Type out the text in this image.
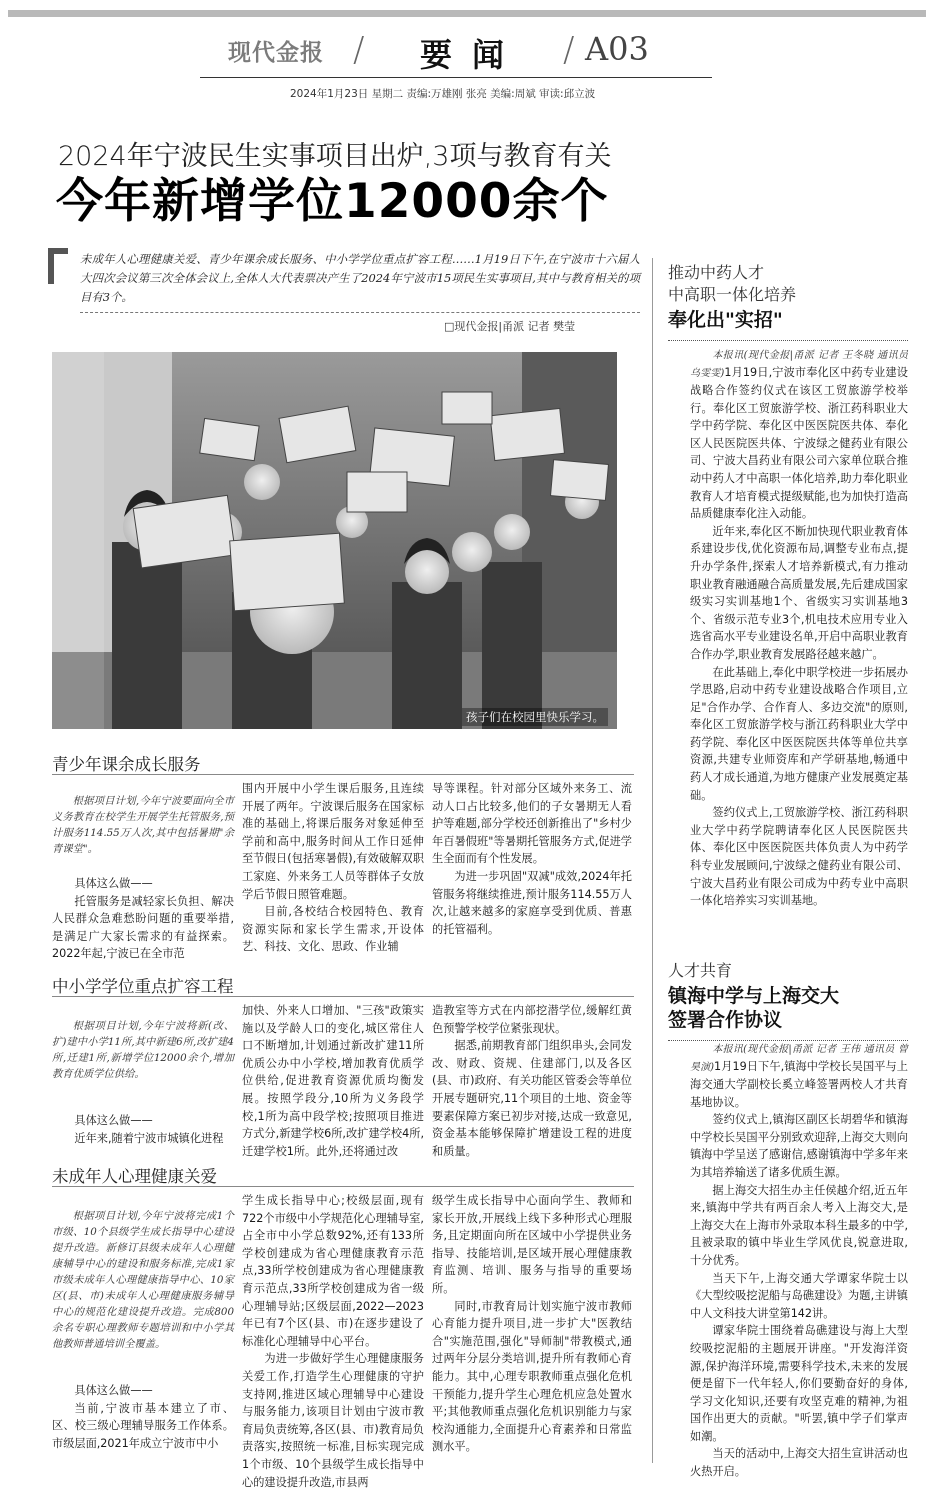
现代金报 / 要闻 / A03
2024年1月23日 星期二 责编:万雄刚 张亮 美编:周斌 审读:邱立波
2024年宁波民生实事项目出炉,3项与教育有关
今年新增学位12000余个
未成年人心理健康关爱、青少年课余成长服务、中小学学位重点扩容工程……1月19日下午,在宁波市十六届人大四次会议第三次全体会议上,全体人大代表票决产生了2024年宁波市15项民生实事项目,其中与教育相关的项目有3个。
□现代金报|甬派 记者 樊莹
孩子们在校园里快乐学习。
青少年课余成长服务

根据项目计划,今年宁波要面向全市义务教育在校学生开展学生托管服务,预计服务114.55万人次,其中包括暑期"余青课堂"。

具体这么做——

托管服务是减轻家长负担、解决人民群众急难愁盼问题的重要举措,是满足广大家长需求的有益探索。2022年起,宁波已在全市范

围内开展中小学生课后服务,且连续开展了两年。宁波课后服务在国家标准的基础上,将课后服务对象延伸至学前和高中,服务时间从工作日延伸至节假日(包括寒暑假),有效破解双职工家庭、外来务工人员等群体子女放学后节假日照管难题。

目前,各校结合校园特色、教育资源实际和家长学生需求,开设体艺、科技、文化、思政、作业辅

导等课程。针对部分区域外来务工、流动人口占比较多,他们的子女暑期无人看护等难题,部分学校还创新推出了"乡村少年百暑假班"等暑期托管服务方式,促进学生全面而有个性发展。

为进一步巩固"双减"成效,2024年托管服务将继续推进,预计服务114.55万人次,让越来越多的家庭享受到优质、普惠的托管福利。

中小学学位重点扩容工程

根据项目计划,今年宁波将新(改、扩)建中小学11所,其中新建6所,改扩建4所,迁建1所,新增学位12000余个,增加教育优质学位供给。

具体这么做——

近年来,随着宁波市城镇化进程

加快、外来人口增加、"三孩"政策实施以及学龄人口的变化,城区常住人口不断增加,计划通过新改扩建11所优质公办中小学校,增加教育优质学位供给,促进教育资源优质均衡发展。按照学段分,10所为义务段学校,1所为高中段学校;按照项目推进方式分,新建学校6所,改扩建学校4所,迁建学校1所。此外,还将通过改

造教室等方式在内部挖潜学位,缓解红黄色预警学校学位紧张现状。

据悉,前期教育部门组织串头,会同发改、财政、资规、住建部门,以及各区(县、市)政府、有关功能区管委会等单位开展专题研究,11个项目的土地、资金等要素保障方案已初步对接,达成一致意见,资金基本能够保障扩增建设工程的进度和质量。

未成年人心理健康关爱

根据项目计划,今年宁波将完成1个市级、10个县级学生成长指导中心建设提升改造。新修订县级未成年人心理健康辅导中心的建设和服务标准,完成1家市级未成年人心理健康指导中心、10家区(县、市)未成年人心理健康服务辅导中心的规范化建设提升改造。完成800余名专职心理教师专题培训和中小学其他教师普通培训全覆盖。

具体这么做——

当前,宁波市基本建立了市、区、校三级心理辅导服务工作体系。市级层面,2021年成立宁波市中小

学生成长指导中心;校级层面,现有722个市级中小学规范化心理辅导室,占全市中小学总数92%,还有133所学校创建成为省心理健康教育示范点,33所学校创建成为省心理健康教育示范点,33所学校创建成为省一级心理辅导站;区级层面,2022—2023年已有7个区(县、市)在逐步建设了标准化心理辅导中心平台。

为进一步做好学生心理健康服务关爱工作,打造学生心理健康的守护支持网,推进区域心理辅导中心建设与服务能力,该项目计划由宁波市教育局负责统筹,各区(县、市)教育局负责落实,按照统一标准,目标实现完成1个市级、10个县级学生成长指导中心的建设提升改造,市县两

级学生成长指导中心面向学生、教师和家长开放,开展线上线下多种形式心理服务,且定期面向所在区域中小学提供业务指导、技能培训,是区域开展心理健康教育监测、培训、服务与指导的重要场所。

同时,市教育局计划实施宁波市教师心育能力提升项目,进一步扩大"医教结合"实施范围,强化"导师制"带教模式,通过两年分层分类培训,提升所有教师心育能力。其中,心理专职教师重点强化危机干预能力,提升学生心理危机应急处置水平;其他教师重点强化危机识别能力与家校沟通能力,全面提升心育素养和日常监测水平。

推动中药人才
中高职一体化培养
奉化出"实招"

本报讯(现代金报|甬派 记者 王冬晓 通讯员 乌雯雯)1月19日,宁波市奉化区中药专业建设战略合作签约仪式在该区工贸旅游学校举行。奉化区工贸旅游学校、浙江药科职业大学中药学院、奉化区中医医院医共体、奉化区人民医院医共体、宁波绿之健药业有限公司、宁波大昌药业有限公司六家单位联合推动中药人才中高职一体化培养,助力奉化职业教育人才培育模式提级赋能,也为加快打造高品质健康奉化注入动能。

近年来,奉化区不断加快现代职业教育体系建设步伐,优化资源布局,调整专业布点,提升办学条件,探索人才培养新模式,有力推动职业教育融通融合高质量发展,先后建成国家级实习实训基地1个、省级实习实训基地3个、省级示范专业3个,机电技术应用专业入选省高水平专业建设名单,开启中高职业教育合作办学,职业教育发展路径越来越广。

在此基础上,奉化中职学校进一步拓展办学思路,启动中药专业建设战略合作项目,立足"合作办学、合作育人、多边交流"的原则,奉化区工贸旅游学校与浙江药科职业大学中药学院、奉化区中医医院医共体等单位共享资源,共建专业师资库和产学研基地,畅通中药人才成长通道,为地方健康产业发展奠定基础。

签约仪式上,工贸旅游学校、浙江药科职业大学中药学院聘请奉化区人民医院医共体、奉化区中医医院医共体负责人为中药学科专业发展顾问,宁波绿之健药业有限公司、宁波大昌药业有限公司成为中药专业中高职一体化培养实习实训基地。

人才共育
镇海中学与上海交大
签署合作协议

本报讯(现代金报|甬派 记者 王伟 通讯员 曾昊演)1月19日下午,镇海中学校长吴国平与上海交通大学副校长奚立峰签署两校人才共育基地协议。

签约仪式上,镇海区副区长胡碧华和镇海中学校长吴国平分别致欢迎辞,上海交大则向镇海中学呈送了感谢信,感谢镇海中学多年来为其培养输送了诸多优质生源。

据上海交大招生办主任侯越介绍,近五年来,镇海中学共有两百余人考入上海交大,是上海交大在上海市外录取本科生最多的中学,且被录取的镇中毕业生学风优良,锐意进取,十分优秀。

当天下午,上海交通大学谭家华院士以《大型绞吸挖泥船与岛礁建设》为题,主讲镇中人文科技大讲堂第142讲。

谭家华院士围绕着岛礁建设与海上大型绞吸挖泥船的主题展开讲座。"开发海洋资源,保护海洋环境,需要科学技术,未来的发展便是留下一代年轻人,你们要勤奋好的身体,学习文化知识,还要有攻坚克难的精神,为祖国作出更大的贡献。"听罢,镇中学子们掌声如潮。

当天的活动中,上海交大招生宣讲活动也火热开启。
